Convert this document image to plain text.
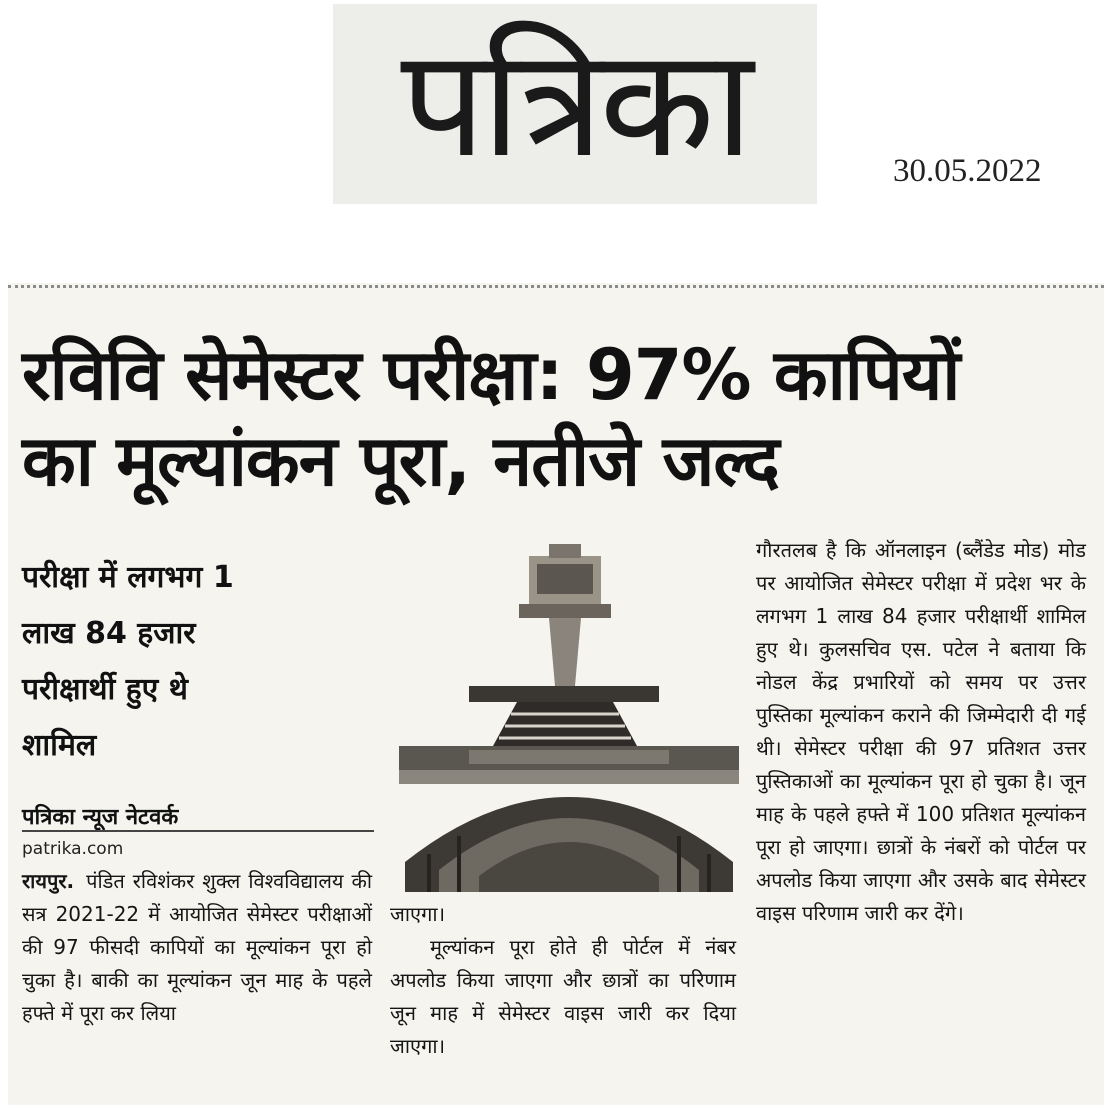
पत्रिका	30.05.2022
रविवि सेमेस्टर परीक्षा: 97% कापियों
का मूल्यांकन पूरा, नतीजे जल्द
परीक्षा में लगभग 1
लाख 84 हजार
परीक्षार्थी हुए थे
शामिल
पत्रिका न्यूज नेटवर्क
patrika.com
रायपुर. पंडित रविशंकर शुक्ल विश्वविद्यालय की सत्र 2021-22 में आयोजित सेमेस्टर परीक्षाओं की 97 फीसदी कापियों का मूल्यांकन पूरा हो चुका है। बाकी का मूल्यांकन जून माह के पहले हफ्ते में पूरा कर लिया
जाएगा।
मूल्यांकन पूरा होते ही पोर्टल में नंबर अपलोड किया जाएगा और छात्रों का परिणाम जून माह में सेमेस्टर वाइस जारी कर दिया जाएगा।
गौरतलब है कि ऑनलाइन (ब्लैंडेड मोड) मोड पर आयोजित सेमेस्टर परीक्षा में प्रदेश भर के लगभग 1 लाख 84 हजार परीक्षार्थी शामिल हुए थे। कुलसचिव एस. पटेल ने बताया कि नोडल केंद्र प्रभारियों को समय पर उत्तर पुस्तिका मूल्यांकन कराने की जिम्मेदारी दी गई थी। सेमेस्टर परीक्षा की 97 प्रतिशत उत्तर पुस्तिकाओं का मूल्यांकन पूरा हो चुका है। जून माह के पहले हफ्ते में 100 प्रतिशत मूल्यांकन पूरा हो जाएगा। छात्रों के नंबरों को पोर्टल पर अपलोड किया जाएगा और उसके बाद सेमेस्टर वाइस परिणाम जारी कर देंगे।
